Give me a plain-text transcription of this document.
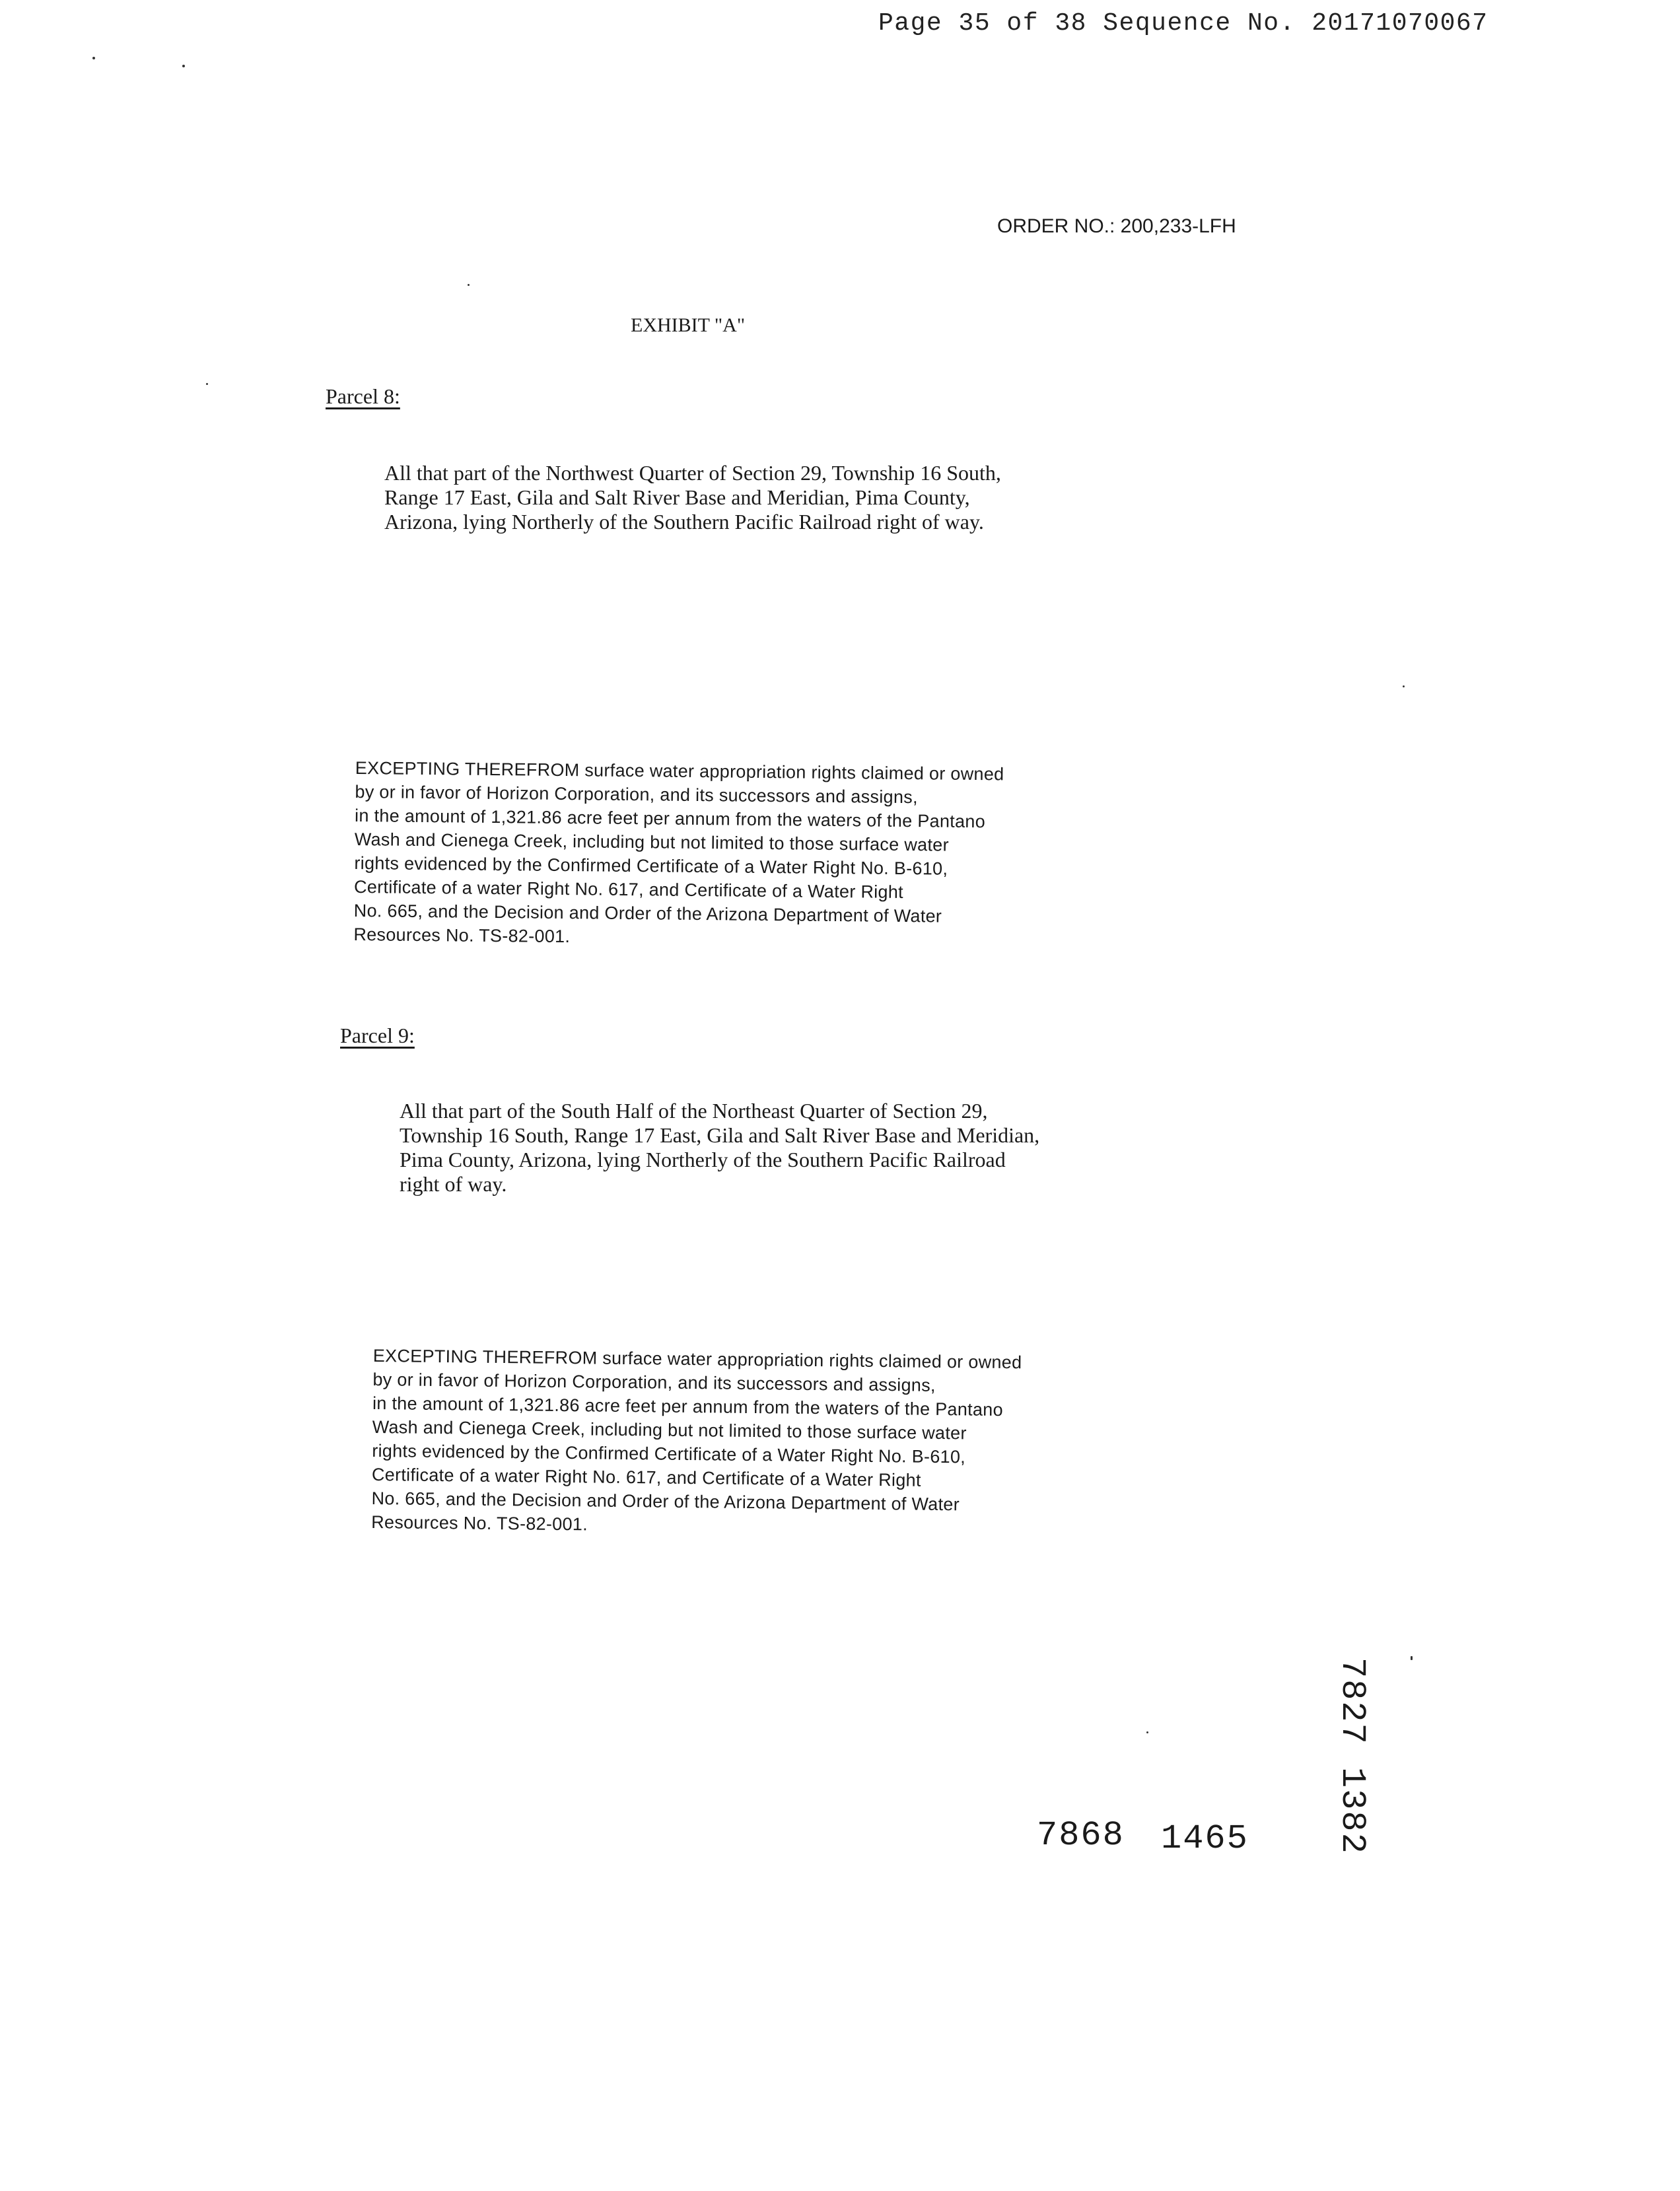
Page 35 of 38 Sequence No. 20171070067
ORDER NO.: 200,233-LFH
EXHIBIT "A"
Parcel 8:
All that part of the Northwest Quarter of Section 29, Township 16 South,
Range 17 East, Gila and Salt River Base and Meridian, Pima County,
Arizona, lying Northerly of the Southern Pacific Railroad right of way.
EXCEPTING THEREFROM surface water appropriation rights claimed or owned
by or in favor of Horizon Corporation, and its successors and assigns,
in the amount of 1,321.86 acre feet per annum from the waters of the Pantano
Wash and Cienega Creek, including but not limited to those surface water
rights evidenced by the Confirmed Certificate of a Water Right No. B-610,
Certificate of a water Right No. 617, and Certificate of a Water Right
No. 665, and the Decision and Order of the Arizona Department of Water
Resources No. TS-82-001.
Parcel 9:
All that part of the South Half of the Northeast Quarter of Section 29,
Township 16 South, Range 17 East, Gila and Salt River Base and Meridian,
Pima County, Arizona, lying Northerly of the Southern Pacific Railroad
right of way.
EXCEPTING THEREFROM surface water appropriation rights claimed or owned
by or in favor of Horizon Corporation, and its successors and assigns,
in the amount of 1,321.86 acre feet per annum from the waters of the Pantano
Wash and Cienega Creek, including but not limited to those surface water
rights evidenced by the Confirmed Certificate of a Water Right No. B-610,
Certificate of a water Right No. 617, and Certificate of a Water Right
No. 665, and the Decision and Order of the Arizona Department of Water
Resources No. TS-82-001.
7868 1465 7827 1382
